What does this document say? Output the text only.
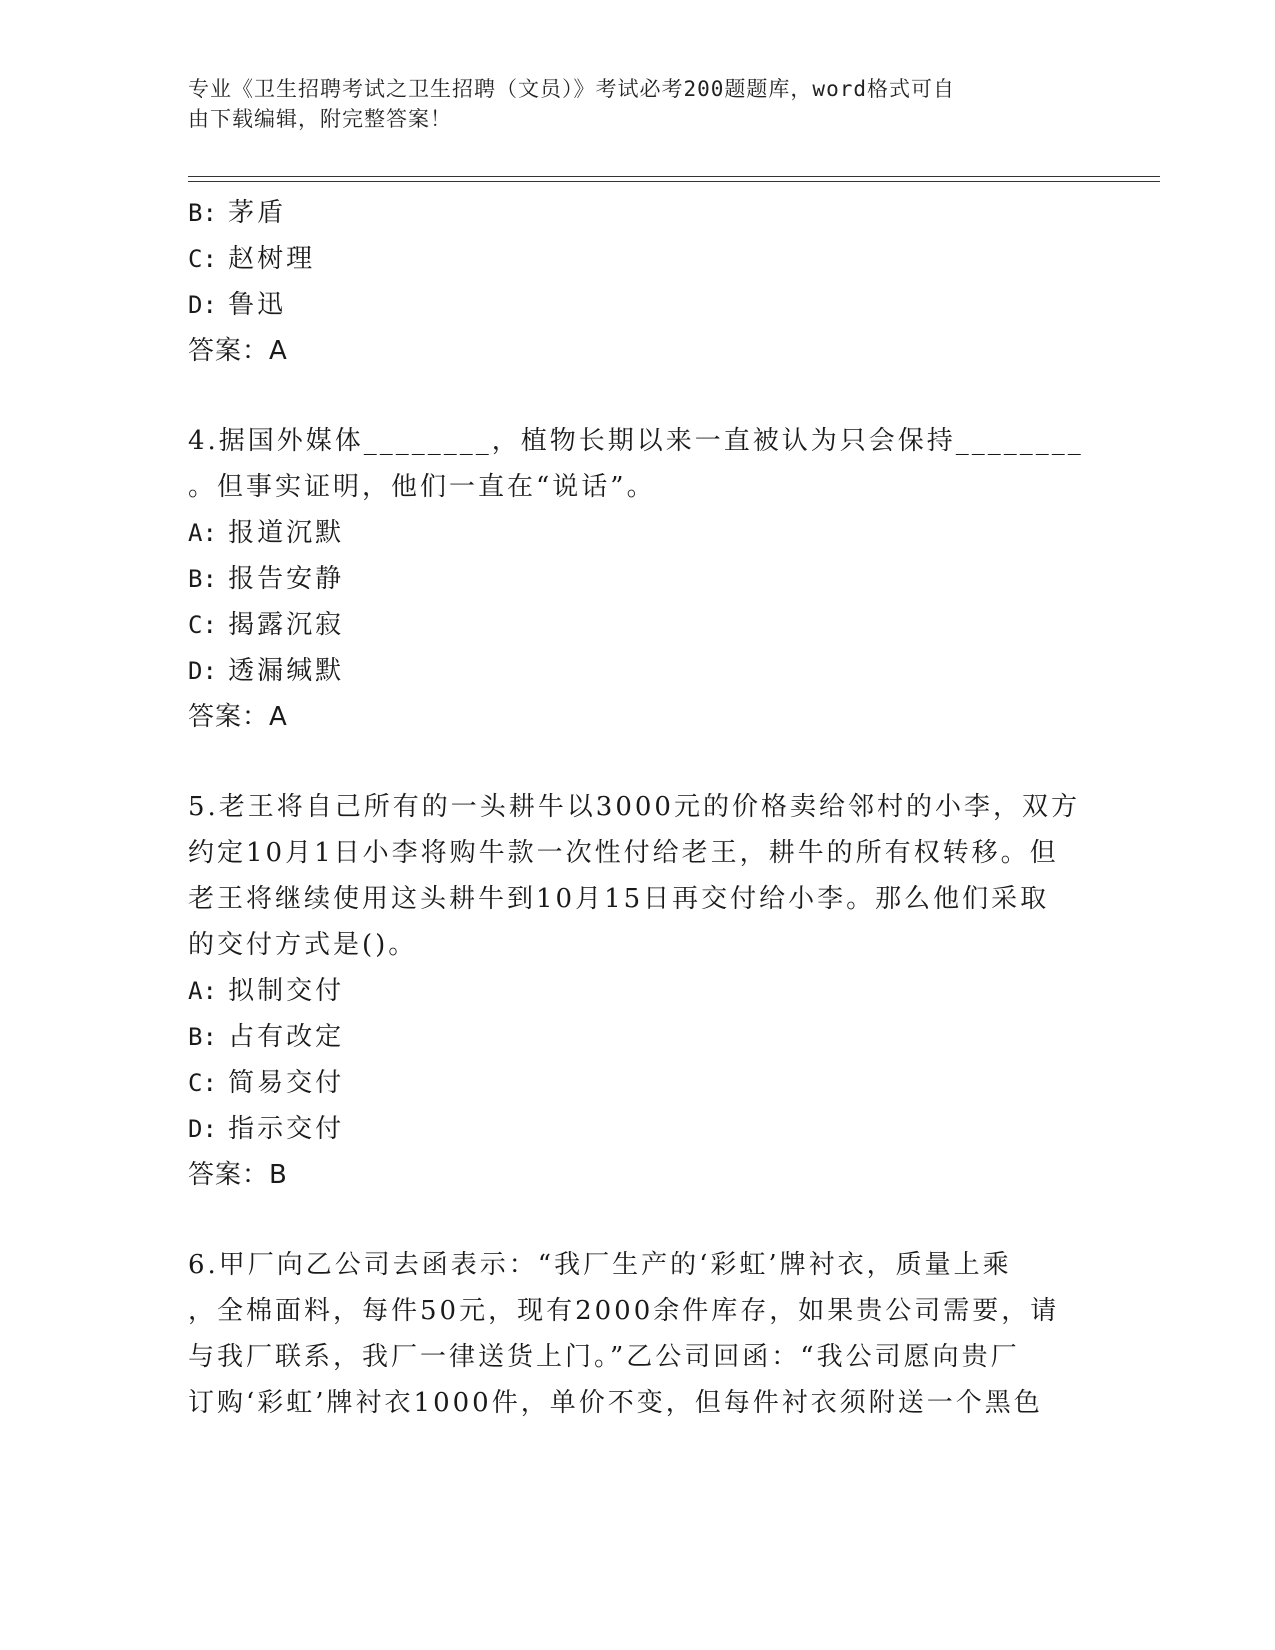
专业《卫生招聘考试之卫生招聘（文员）》考试必考200题题库，word格式可自
由下载编辑，附完整答案！
B: 茅盾
C: 赵树理
D: 鲁迅
答案：A
4.据国外媒体________，植物长期以来一直被认为只会保持________
。但事实证明，他们一直在“说话”。
A: 报道沉默
B: 报告安静
C: 揭露沉寂
D: 透漏缄默
答案：A
5.老王将自己所有的一头耕牛以3000元的价格卖给邻村的小李，双方
约定10月1日小李将购牛款一次性付给老王，耕牛的所有权转移。但
老王将继续使用这头耕牛到10月15日再交付给小李。那么他们采取
的交付方式是()。
A: 拟制交付
B: 占有改定
C: 简易交付
D: 指示交付
答案：B
6.甲厂向乙公司去函表示：“我厂生产的‘彩虹’牌衬衣，质量上乘
，全棉面料，每件50元，现有2000余件库存，如果贵公司需要，请
与我厂联系，我厂一律送货上门。”乙公司回函：“我公司愿向贵厂
订购‘彩虹’牌衬衣1000件，单价不变，但每件衬衣须附送一个黑色
